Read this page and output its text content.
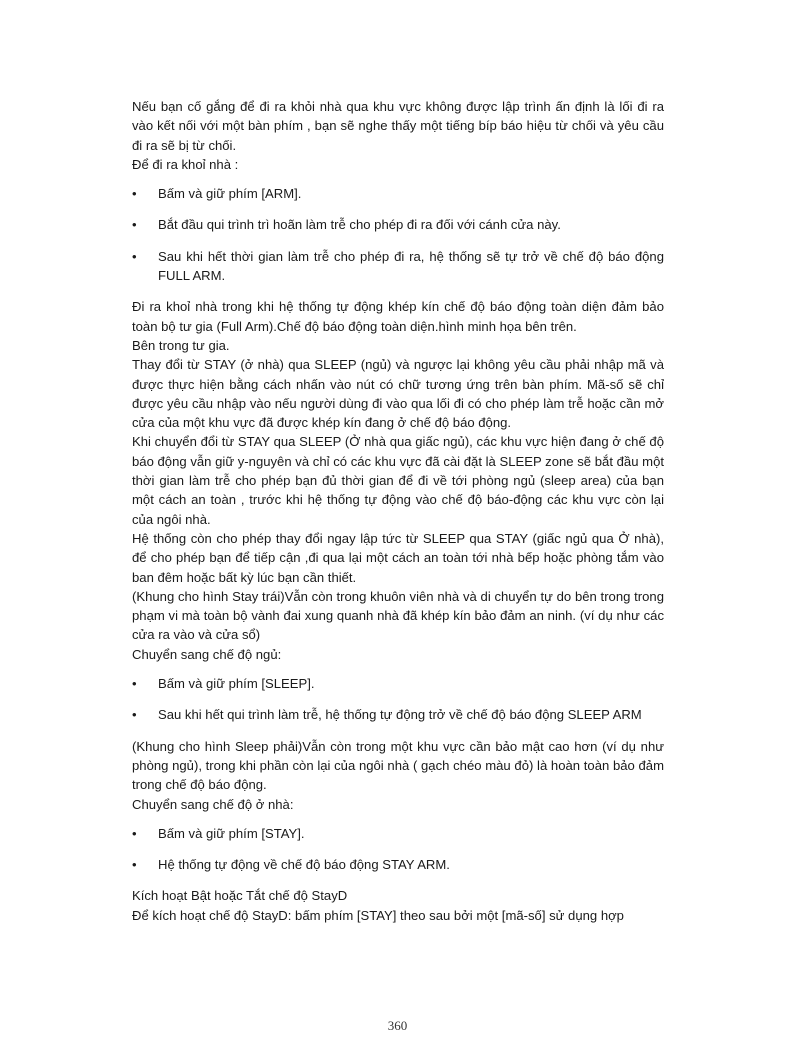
Nếu bạn cố gắng để đi ra khỏi nhà qua khu vực không được lập trình ấn định là lối đi ra vào kết nối với một bàn phím , bạn sẽ nghe thấy một tiếng bíp báo hiệu từ chối và yêu cầu đi ra sẽ bị từ chối.

Để đi ra khoỉ nhà :

•	Bấm và giữ phím [ARM].
•	Bắt đầu qui trình trì hoãn làm trễ cho phép đi ra đối với cánh cửa này.
•	Sau khi hết thời gian làm trễ cho phép đi ra, hệ thống sẽ tự trở về chế độ báo động FULL ARM.

Đi ra khoỉ nhà trong khi hệ thống tự động khép kín chế độ báo động toàn diện đảm bảo toàn bộ tư gia (Full Arm).Chế độ báo động toàn diện.hình minh họa bên trên.

Bên trong tư gia.

Thay đổi từ STAY (ở nhà) qua SLEEP (ngủ) và ngược lại không yêu cầu phải nhập mã và được thực hiện bằng cách nhấn vào nút có chữ tương ứng trên bàn phím. Mã-số sẽ chỉ được yêu cầu nhập vào nếu người dùng đi vào qua lối đi có cho phép làm trễ hoặc cần mở cửa của một khu vực đã được khép kín đang ở chế độ báo động.

Khi chuyển đổi từ STAY qua SLEEP (Ở nhà qua giấc ngủ), các khu vực hiện đang ở chế độ báo động vẫn giữ y-nguyên và chỉ có các khu vực đã cài đặt là SLEEP zone sẽ bắt đầu một thời gian làm trễ cho phép bạn đủ thời gian để đi về tới phòng ngủ (sleep area) của bạn một cách an toàn , trước khi hệ thống tự động vào chế độ báo-động các khu vực còn lại của ngôi nhà.

Hệ thống còn cho phép thay đổi ngay lập tức từ SLEEP qua STAY (giấc ngủ qua Ở nhà), để cho phép bạn để tiếp cận ,đi qua lại một cách an toàn tới nhà bếp hoặc phòng tắm vào ban đêm hoặc bất kỳ lúc bạn cần thiết.

(Khung cho hình Stay trái)Vẫn còn trong khuôn viên nhà và di chuyển tự do bên trong trong phạm vi mà toàn bộ vành đai xung quanh nhà đã khép kín bảo đảm an ninh. (ví dụ như các cửa ra vào và cửa sổ)

Chuyển sang chế độ ngủ:

•	Bấm và giữ phím [SLEEP].
•	Sau khi hết qui trình làm trễ, hệ thống tự động trở về chế độ báo động SLEEP ARM

(Khung cho hình Sleep phải)Vẫn còn trong một khu vực cần bảo mật cao hơn (ví dụ như phòng ngủ), trong khi phần còn lại của ngôi nhà ( gạch chéo màu đỏ) là hoàn toàn bảo đảm trong chế độ báo động.

Chuyển sang chế độ ở nhà:

•	Bấm và giữ phím [STAY].
•	Hệ thống tự động về chế độ báo động STAY ARM.

Kích hoạt Bật hoặc Tắt chế độ StayD

Để kích hoạt chế độ StayD: bấm phím [STAY] theo sau bởi một [mã-số] sử dụng hợp

360
